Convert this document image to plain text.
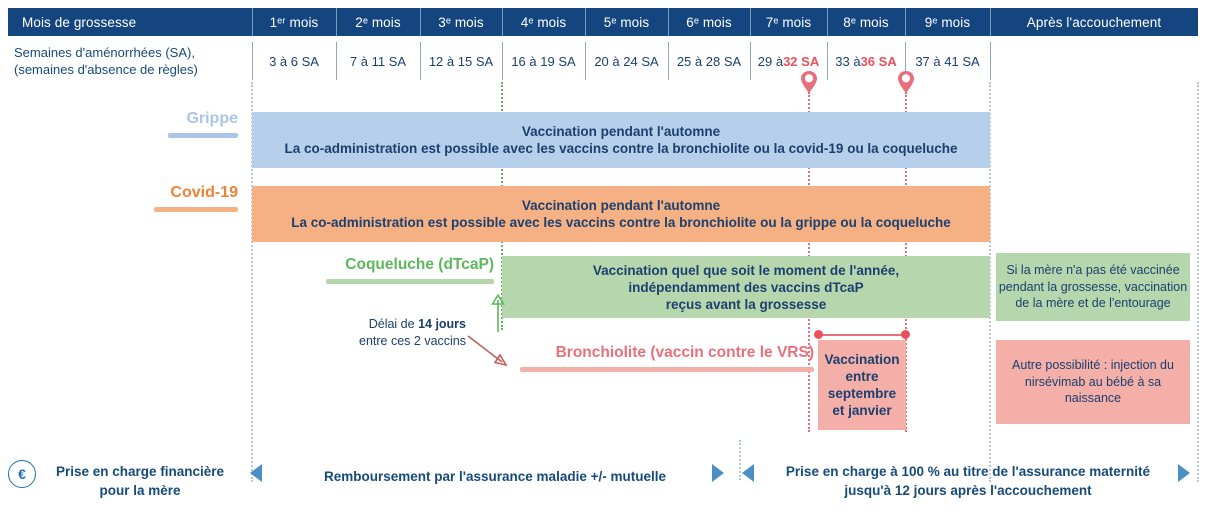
Mois de grossesse	1ᵉʳ mois	2ᵉ mois	3ᵉ mois	4ᵉ mois	5ᵉ mois	6ᵉ mois	7ᵉ mois	8ᵉ mois	9ᵉ mois	Après l'accouchement
Semaines d'aménorrhées (SA),
(semaines d'absence de règles)
3 à 6 SA 7 à 11 SA 12 à 15 SA 16 à 19 SA 20 à 24 SA 25 à 28 SA 29 à 32 SA 33 à 36 SA 37 à 41 SA
Grippe
Vaccination pendant l'automne
La co-administration est possible avec les vaccins contre la bronchiolite ou la covid-19 ou la coqueluche
Covid-19
Vaccination pendant l'automne
La co-administration est possible avec les vaccins contre la bronchiolite ou la grippe ou la coqueluche
Coqueluche (dTcaP)	Vaccination quel que soit le moment de l'année,
indépendamment des vaccins dTcaP
reçus avant la grossesse
Délai de 14 jours
entre ces 2 vaccins
Bronchiolite (vaccin contre le VRS) Vaccination
entre
septembre
et janvier
Si la mère n'a pas été vaccinée pendant la grossesse, vaccination de la mère et de l'entourage
Autre possibilité : injection du nirsévimab au bébé à sa naissance
€	Prise en charge financière
pour la mère
Remboursement par l'assurance maladie +/- mutuelle	Prise en charge à 100 % au titre de l'assurance maternité
jusqu'à 12 jours après l'accouchement
